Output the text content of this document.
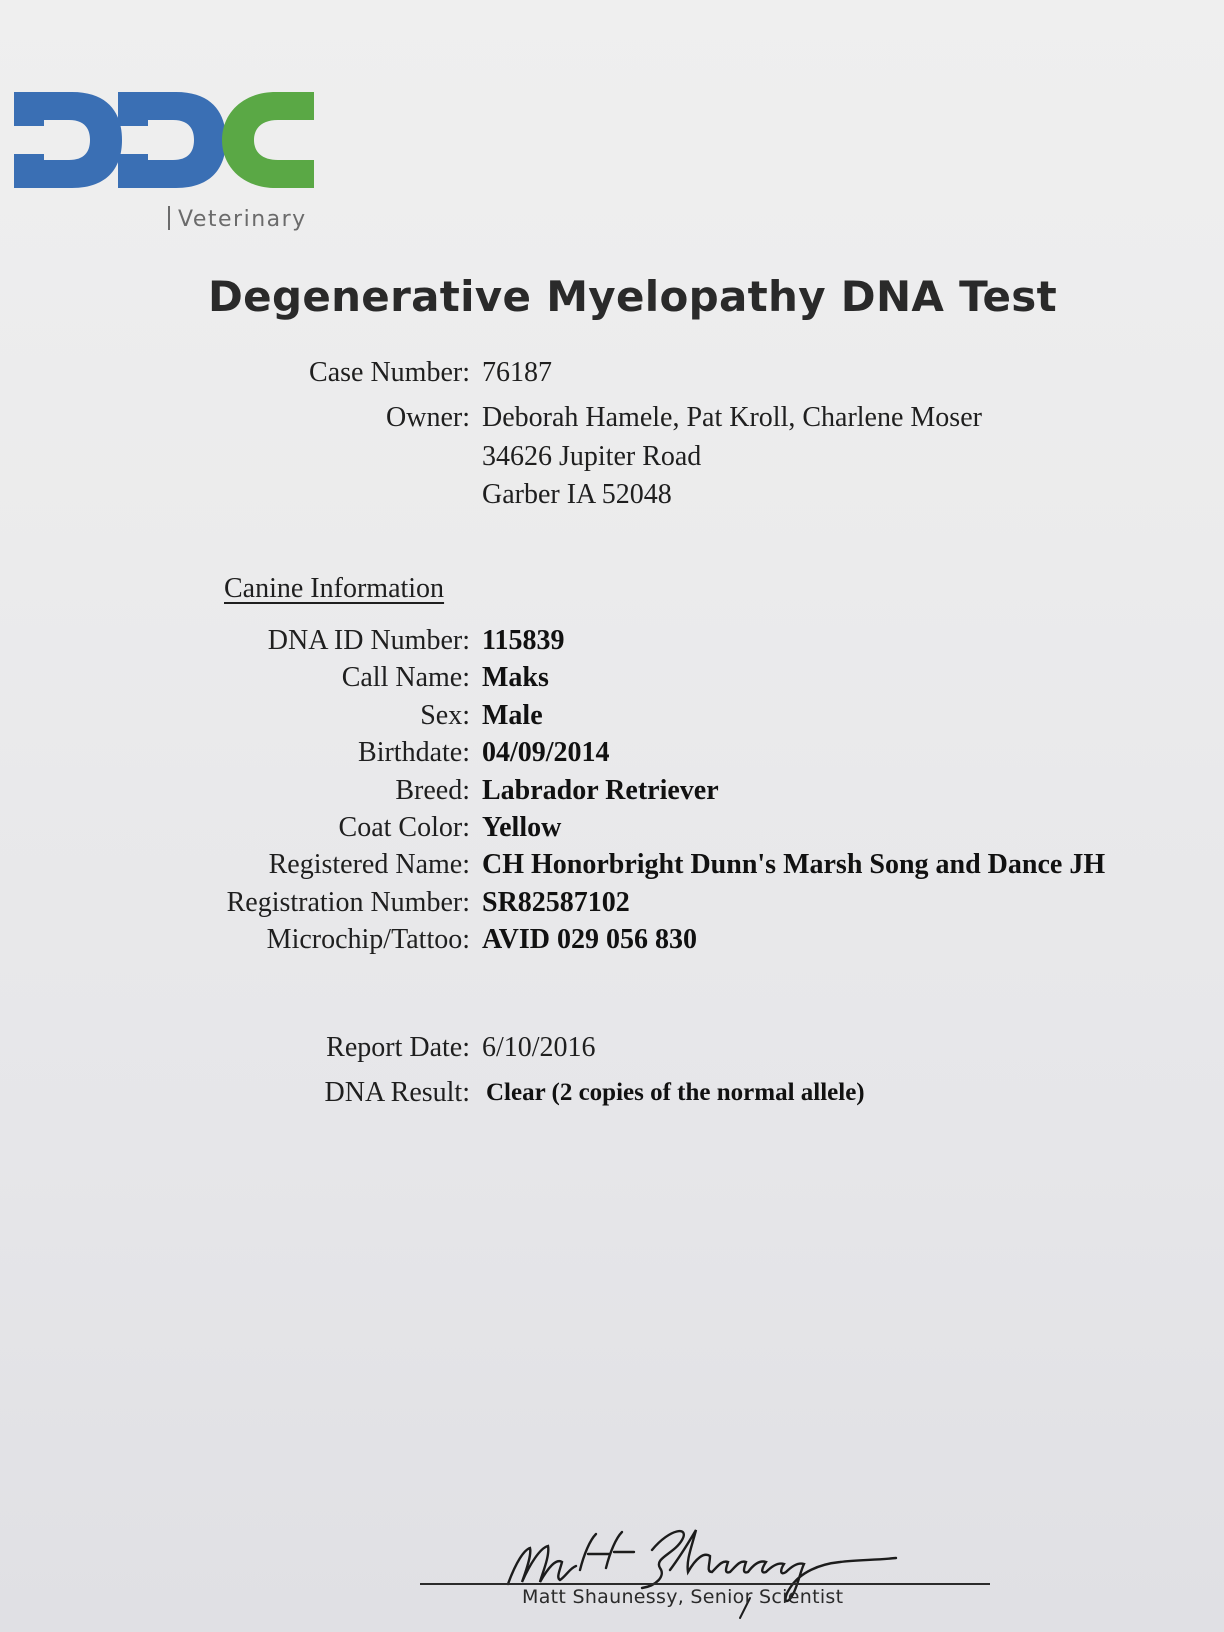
Veterinary
Degenerative Myelopathy DNA Test
Case Number: 76187
Owner: Deborah Hamele, Pat Kroll, Charlene Moser
34626 Jupiter Road
Garber IA 52048
Canine Information
DNA ID Number: 115839
Call Name: Maks
Sex: Male
Birthdate: 04/09/2014
Breed: Labrador Retriever
Coat Color: Yellow
Registered Name: CH Honorbright Dunn's Marsh Song and Dance JH
Registration Number: SR82587102
Microchip/Tattoo: AVID 029 056 830
Report Date: 6/10/2016
DNA Result: Clear (2 copies of the normal allele)
Matt Shaunessy, Senior Scientist
